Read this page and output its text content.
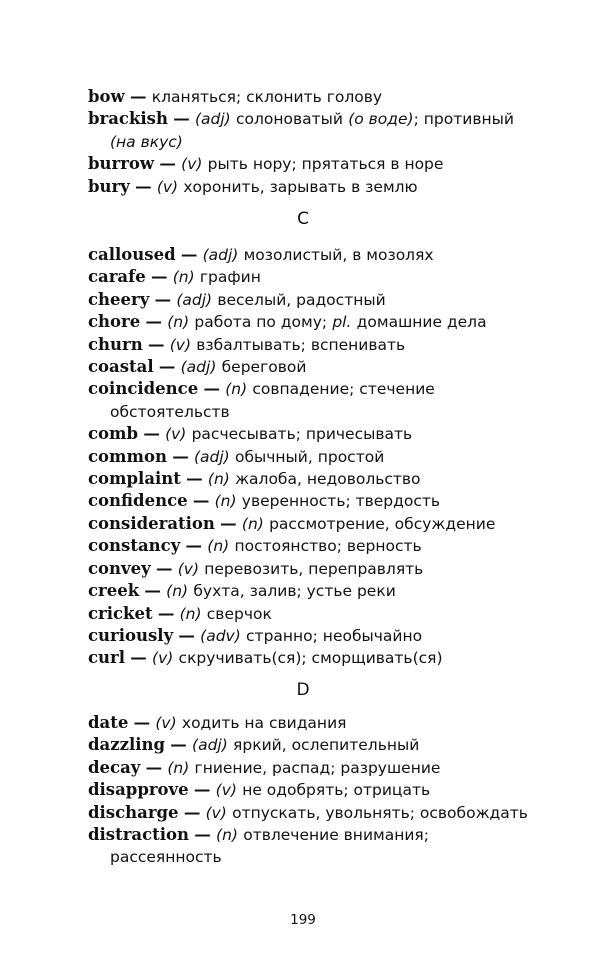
bow — кланяться; склонить голову
brackish — (adj) солоноватый (о воде); противный (на вкус)
burrow — (v) рыть нору; прятаться в норе
bury — (v) хоронить, зарывать в землю
C
calloused — (adj) мозолистый, в мозолях
carafe — (n) графин
cheery — (adj) веселый, радостный
chore — (n) работа по дому; pl. домашние дела
churn — (v) взбалтывать; вспенивать
coastal — (adj) береговой
coincidence — (n) совпадение; стечение обстоятельств
comb — (v) расчесывать; причесывать
common — (adj) обычный, простой
complaint — (n) жалоба, недовольство
confidence — (n) уверенность; твердость
consideration — (n) рассмотрение, обсуждение
constancy — (n) постоянство; верность
convey — (v) перевозить, переправлять
creek — (n) бухта, залив; устье реки
cricket — (n) сверчок
curiously — (adv) странно; необычайно
curl — (v) скручивать(ся); сморщивать(ся)
D
date — (v) ходить на свидания
dazzling — (adj) яркий, ослепительный
decay — (n) гниение, распад; разрушение
disapprove — (v) не одобрять; отрицать
discharge — (v) отпускать, увольнять; освобождать
distraction — (n) отвлечение внимания; рассеянность
199
